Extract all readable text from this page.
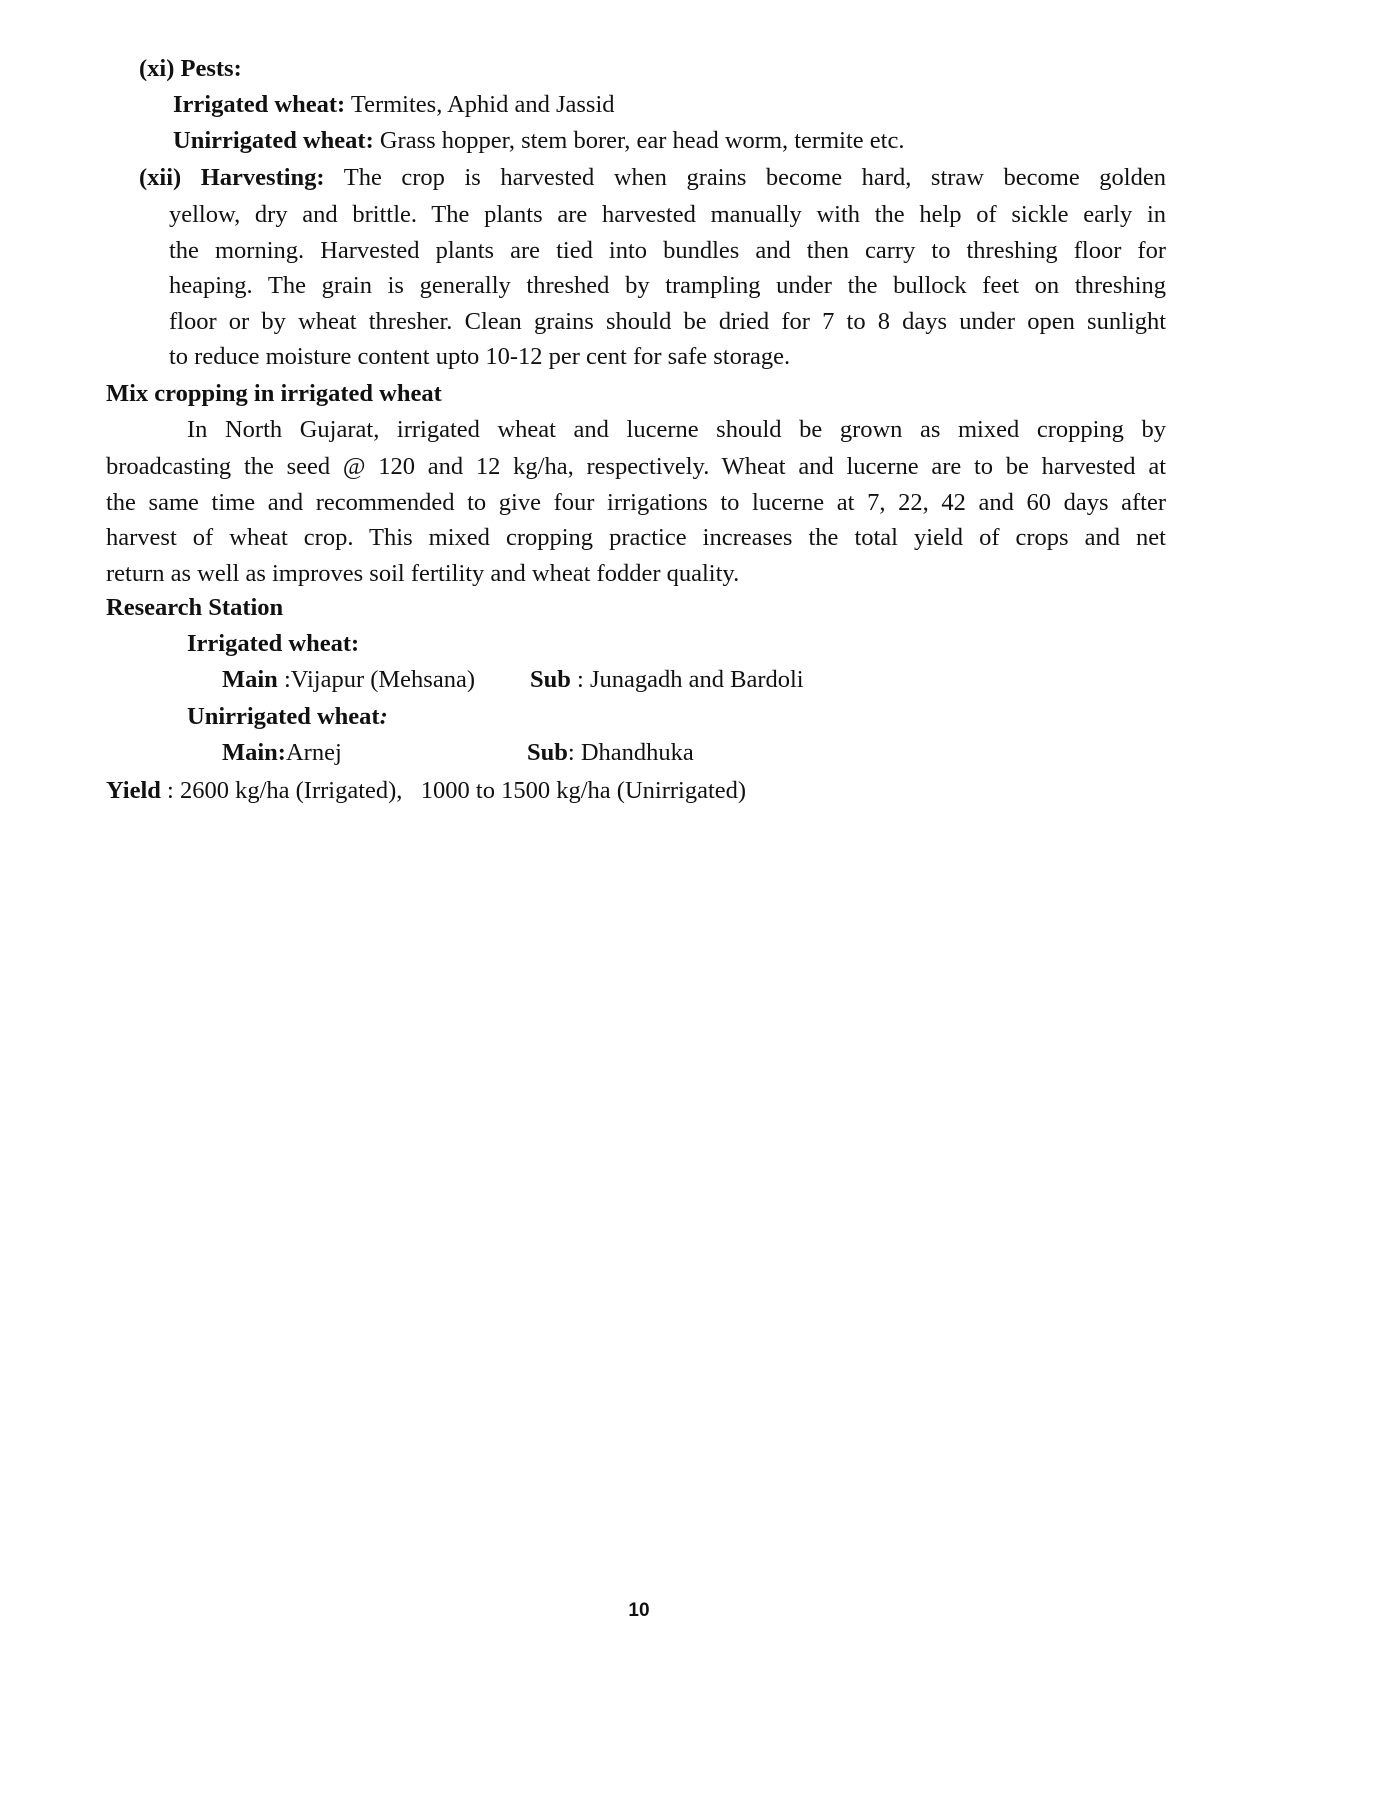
(xi) Pests:
Irrigated wheat: Termites, Aphid and Jassid
Unirrigated wheat: Grass hopper, stem borer, ear head worm, termite etc.
(xii) Harvesting: The crop is harvested when grains become hard, straw become golden
yellow, dry and brittle. The plants are harvested manually with the help of sickle early in
the morning. Harvested plants are tied into bundles and then carry to threshing floor for
heaping. The grain is generally threshed by trampling under the bullock feet on threshing
floor or by wheat thresher. Clean grains should be dried for 7 to 8 days under open sunlight
to reduce moisture content upto 10-12 per cent for safe storage.
Mix cropping in irrigated wheat
In North Gujarat, irrigated wheat and lucerne should be grown as mixed cropping by
broadcasting the seed @ 120 and 12 kg/ha, respectively. Wheat and lucerne are to be harvested at
the same time and recommended to give four irrigations to lucerne at 7, 22, 42 and 60 days after
harvest of wheat crop. This mixed cropping practice increases the total yield of crops and net
return as well as improves soil fertility and wheat fodder quality.
Research Station
Irrigated wheat:
Main :Vijapur (Mehsana) Sub : Junagadh and Bardoli
Unirrigated wheat:
Main:Arnej	Sub: Dhandhuka
Yield : 2600 kg/ha (Irrigated),   1000 to 1500 kg/ha (Unirrigated)
10
